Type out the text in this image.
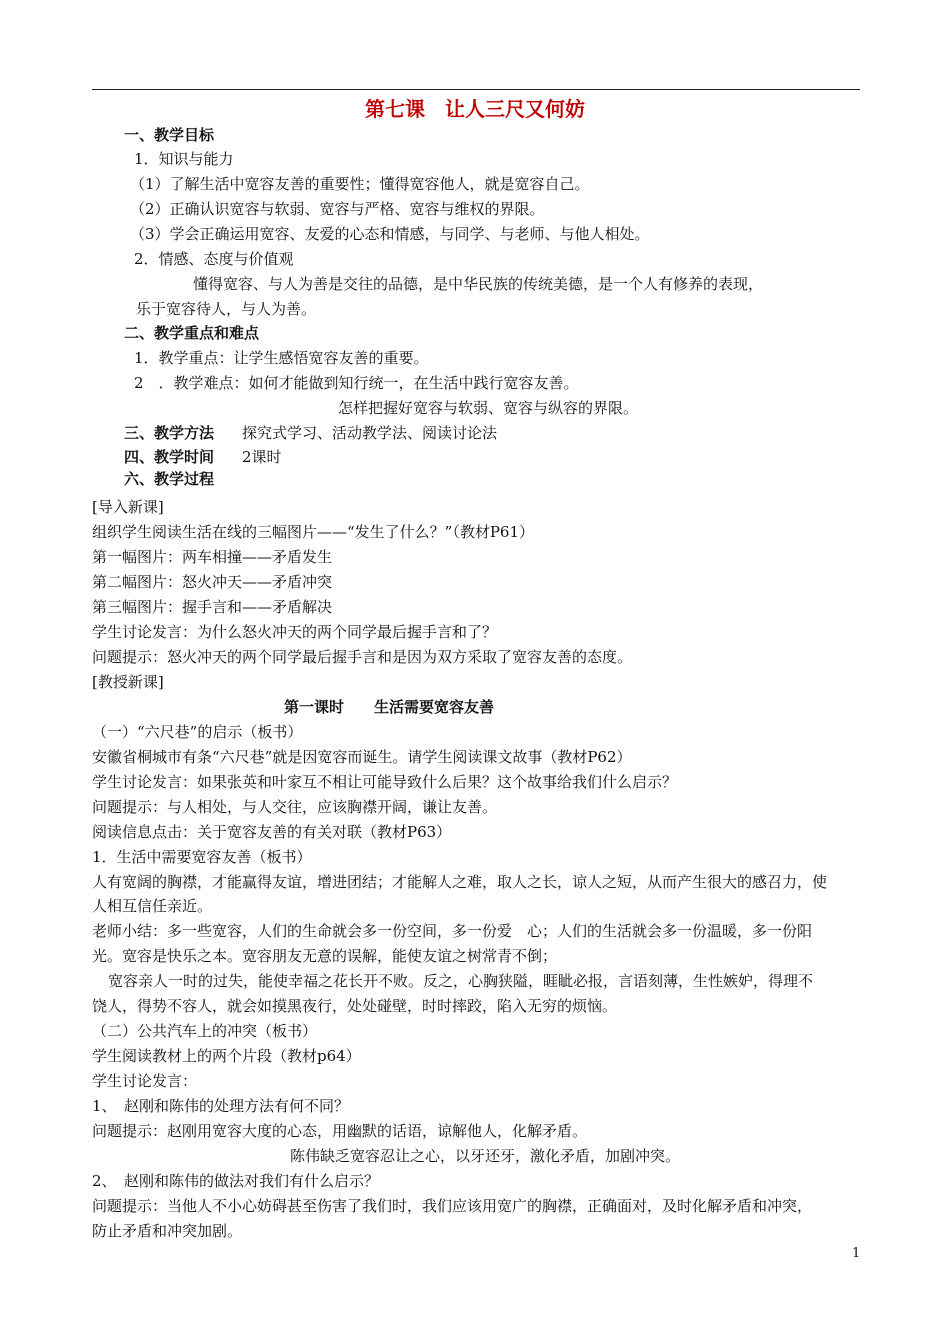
第七课　让人三尺又何妨
一、教学目标
1．知识与能力
（1）了解生活中宽容友善的重要性；懂得宽容他人，就是宽容自己。
（2）正确认识宽容与软弱、宽容与严格、宽容与维权的界限。
（3）学会正确运用宽容、友爱的心态和情感，与同学、与老师、与他人相处。
2．情感、态度与价值观
懂得宽容、与人为善是交往的品德，是中华民族的传统美德，是一个人有修养的表现，
乐于宽容待人，与人为善。
二、教学重点和难点
1．教学重点：让学生感悟宽容友善的重要。
2　．教学难点：如何才能做到知行统一，在生活中践行宽容友善。
怎样把握好宽容与软弱、宽容与纵容的界限。
三、教学方法 探究式学习、活动教学法、阅读讨论法
四、教学时间 2课时
六、教学过程
[导入新课]
组织学生阅读生活在线的三幅图片——“发生了什么？”（教材P61）
第一幅图片：两车相撞——矛盾发生
第二幅图片：怒火冲天——矛盾冲突
第三幅图片：握手言和——矛盾解决
学生讨论发言：为什么怒火冲天的两个同学最后握手言和了？
问题提示：怒火冲天的两个同学最后握手言和是因为双方采取了宽容友善的态度。
[教授新课]
第一课时　　生活需要宽容友善
（一）“六尺巷”的启示（板书）
安徽省桐城市有条“六尺巷”就是因宽容而诞生。请学生阅读课文故事（教材P62）
学生讨论发言：如果张英和叶家互不相让可能导致什么后果？这个故事给我们什么启示？
问题提示：与人相处，与人交往，应该胸襟开阔，谦让友善。
阅读信息点击：关于宽容友善的有关对联（教材P63）
1．生活中需要宽容友善（板书）
人有宽阔的胸襟，才能赢得友谊，增进团结；才能解人之难，取人之长，谅人之短，从而产生很大的感召力，使
人相互信任亲近。
老师小结：多一些宽容，人们的生命就会多一份空间，多一份爱　心；人们的生活就会多一份温暖，多一份阳
光。宽容是快乐之本。宽容朋友无意的误解，能使友谊之树常青不倒；
宽容亲人一时的过失，能使幸福之花长开不败。反之，心胸狭隘，睚眦必报，言语刻薄，生性嫉妒，得理不
饶人，得势不容人，就会如摸黑夜行，处处碰壁，时时摔跤，陷入无穷的烦恼。
（二）公共汽车上的冲突（板书）
学生阅读教材上的两个片段（教材p64）
学生讨论发言：
1、　赵刚和陈伟的处理方法有何不同？
问题提示：赵刚用宽容大度的心态，用幽默的话语，谅解他人，化解矛盾。
陈伟缺乏宽容忍让之心，以牙还牙，激化矛盾，加剧冲突。
2、　赵刚和陈伟的做法对我们有什么启示？
问题提示：当他人不小心妨碍甚至伤害了我们时，我们应该用宽广的胸襟，正确面对，及时化解矛盾和冲突，
防止矛盾和冲突加剧。
1
